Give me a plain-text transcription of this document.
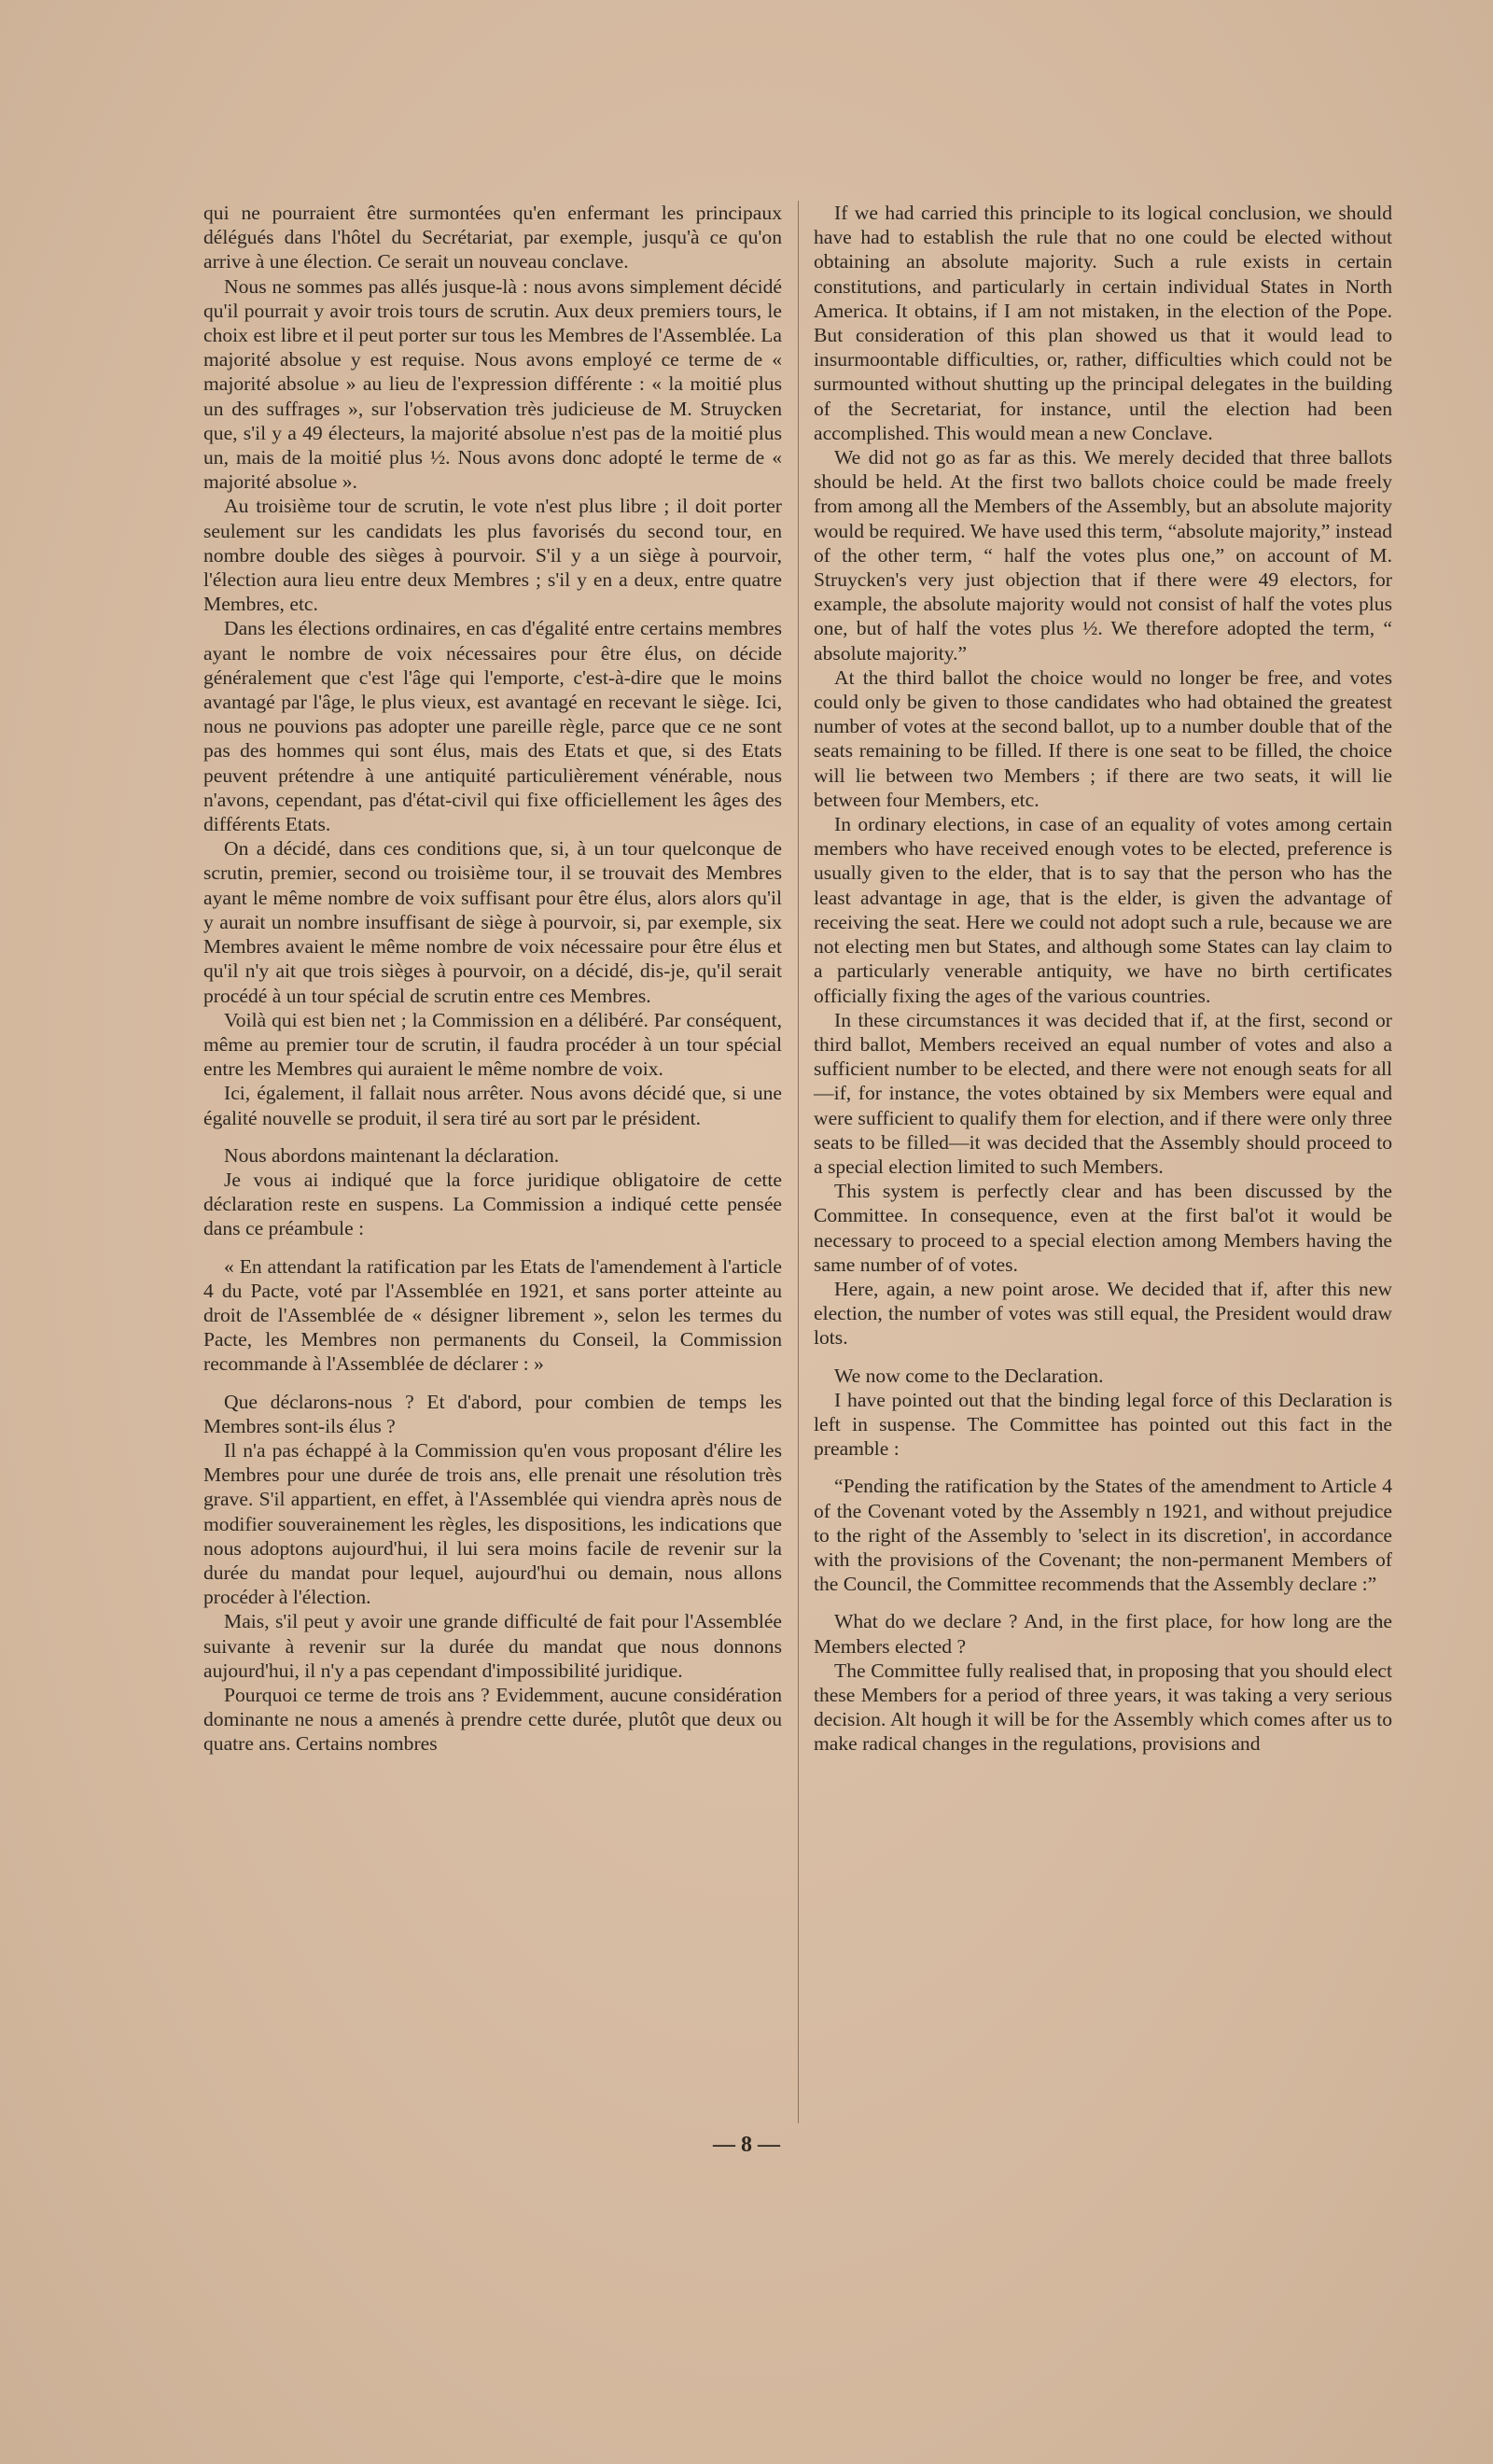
qui ne pourraient être surmontées qu'en enfermant les principaux délégués dans l'hôtel du Secrétariat, par exemple, jusqu'à ce qu'on arrive à une élection. Ce serait un nouveau conclave.

Nous ne sommes pas allés jusque-là : nous avons simplement décidé qu'il pourrait y avoir trois tours de scrutin. Aux deux premiers tours, le choix est libre et il peut porter sur tous les Membres de l'Assemblée. La majorité absolue y est requise. Nous avons employé ce terme de « majorité absolue » au lieu de l'expression différente : « la moitié plus un des suffrages », sur l'observation très judicieuse de M. Struycken que, s'il y a 49 électeurs, la majorité absolue n'est pas de la moitié plus un, mais de la moitié plus ½. Nous avons donc adopté le terme de « majorité absolue ».

Au troisième tour de scrutin, le vote n'est plus libre ; il doit porter seulement sur les candidats les plus favorisés du second tour, en nombre double des sièges à pourvoir. S'il y a un siège à pourvoir, l'élection aura lieu entre deux Membres ; s'il y en a deux, entre quatre Membres, etc.

Dans les élections ordinaires, en cas d'égalité entre certains membres ayant le nombre de voix nécessaires pour être élus, on décide généralement que c'est l'âge qui l'emporte, c'est-à-dire que le moins avantagé par l'âge, le plus vieux, est avantagé en recevant le siège. Ici, nous ne pouvions pas adopter une pareille règle, parce que ce ne sont pas des hommes qui sont élus, mais des Etats et que, si des Etats peuvent prétendre à une antiquité particulièrement vénérable, nous n'avons, cependant, pas d'état-civil qui fixe officiellement les âges des différents Etats.

On a décidé, dans ces conditions que, si, à un tour quelconque de scrutin, premier, second ou troisième tour, il se trouvait des Membres ayant le même nombre de voix suffisant pour être élus, alors alors qu'il y aurait un nombre insuffisant de siège à pourvoir, si, par exemple, six Membres avaient le même nombre de voix nécessaire pour être élus et qu'il n'y ait que trois sièges à pourvoir, on a décidé, dis-je, qu'il serait procédé à un tour spécial de scrutin entre ces Membres.

Voilà qui est bien net ; la Commission en a délibéré. Par conséquent, même au premier tour de scrutin, il faudra procéder à un tour spécial entre les Membres qui auraient le même nombre de voix.

Ici, également, il fallait nous arrêter. Nous avons décidé que, si une égalité nouvelle se produit, il sera tiré au sort par le président.

Nous abordons maintenant la déclaration.

Je vous ai indiqué que la force juridique obligatoire de cette déclaration reste en suspens. La Commission a indiqué cette pensée dans ce préambule :

« En attendant la ratification par les Etats de l'amendement à l'article 4 du Pacte, voté par l'Assemblée en 1921, et sans porter atteinte au droit de l'Assemblée de « désigner librement », selon les termes du Pacte, les Membres non permanents du Conseil, la Commission recommande à l'Assemblée de déclarer : »

Que déclarons-nous ? Et d'abord, pour combien de temps les Membres sont-ils élus ?

Il n'a pas échappé à la Commission qu'en vous proposant d'élire les Membres pour une durée de trois ans, elle prenait une résolution très grave. S'il appartient, en effet, à l'Assemblée qui viendra après nous de modifier souverainement les règles, les dispositions, les indications que nous adoptons aujourd'hui, il lui sera moins facile de revenir sur la durée du mandat pour lequel, aujourd'hui ou demain, nous allons procéder à l'élection.

Mais, s'il peut y avoir une grande difficulté de fait pour l'Assemblée suivante à revenir sur la durée du mandat que nous donnons aujourd'hui, il n'y a pas cependant d'impossibilité juridique.

Pourquoi ce terme de trois ans ? Evidemment, aucune considération dominante ne nous a amenés à prendre cette durée, plutôt que deux ou quatre ans. Certains nombres

If we had carried this principle to its logical conclusion, we should have had to establish the rule that no one could be elected without obtaining an absolute majority. Such a rule exists in certain constitutions, and particularly in certain individual States in North America. It obtains, if I am not mistaken, in the election of the Pope. But consideration of this plan showed us that it would lead to insurmoontable difficulties, or, rather, difficulties which could not be surmounted without shutting up the principal delegates in the building of the Secretariat, for instance, until the election had been accomplished. This would mean a new Conclave.

We did not go as far as this. We merely decided that three ballots should be held. At the first two ballots choice could be made freely from among all the Members of the Assembly, but an absolute majority would be required. We have used this term, “absolute majority,” instead of the other term, “ half the votes plus one,” on account of M. Struycken's very just objection that if there were 49 electors, for example, the absolute majority would not consist of half the votes plus one, but of half the votes plus ½. We therefore adopted the term, “ absolute majority.”

At the third ballot the choice would no longer be free, and votes could only be given to those candidates who had obtained the greatest number of votes at the second ballot, up to a number double that of the seats remaining to be filled. If there is one seat to be filled, the choice will lie between two Members ; if there are two seats, it will lie between four Members, etc.

In ordinary elections, in case of an equality of votes among certain members who have received enough votes to be elected, preference is usually given to the elder, that is to say that the person who has the least advantage in age, that is the elder, is given the advantage of receiving the seat. Here we could not adopt such a rule, because we are not electing men but States, and although some States can lay claim to a particularly venerable antiquity, we have no birth certificates officially fixing the ages of the various countries.

In these circumstances it was decided that if, at the first, second or third ballot, Members received an equal number of votes and also a sufficient number to be elected, and there were not enough seats for all—if, for instance, the votes obtained by six Members were equal and were sufficient to qualify them for election, and if there were only three seats to be filled—it was decided that the Assembly should proceed to a special election limited to such Members.

This system is perfectly clear and has been discussed by the Committee. In consequence, even at the first bal'ot it would be necessary to proceed to a special election among Members having the same number of of votes.

Here, again, a new point arose. We decided that if, after this new election, the number of votes was still equal, the President would draw lots.

We now come to the Declaration.

I have pointed out that the binding legal force of this Declaration is left in suspense. The Committee has pointed out this fact in the preamble :

“Pending the ratification by the States of the amendment to Article 4 of the Covenant voted by the Assembly n 1921, and without prejudice to the right of the Assembly to 'select in its discretion', in accordance with the provisions of the Covenant; the non-permanent Members of the Council, the Committee recommends that the Assembly declare :”

What do we declare ? And, in the first place, for how long are the Members elected ?

The Committee fully realised that, in proposing that you should elect these Members for a period of three years, it was taking a very serious decision. Alt hough it will be for the Assembly which comes after us to make radical changes in the regulations, provisions and

— 8 —
